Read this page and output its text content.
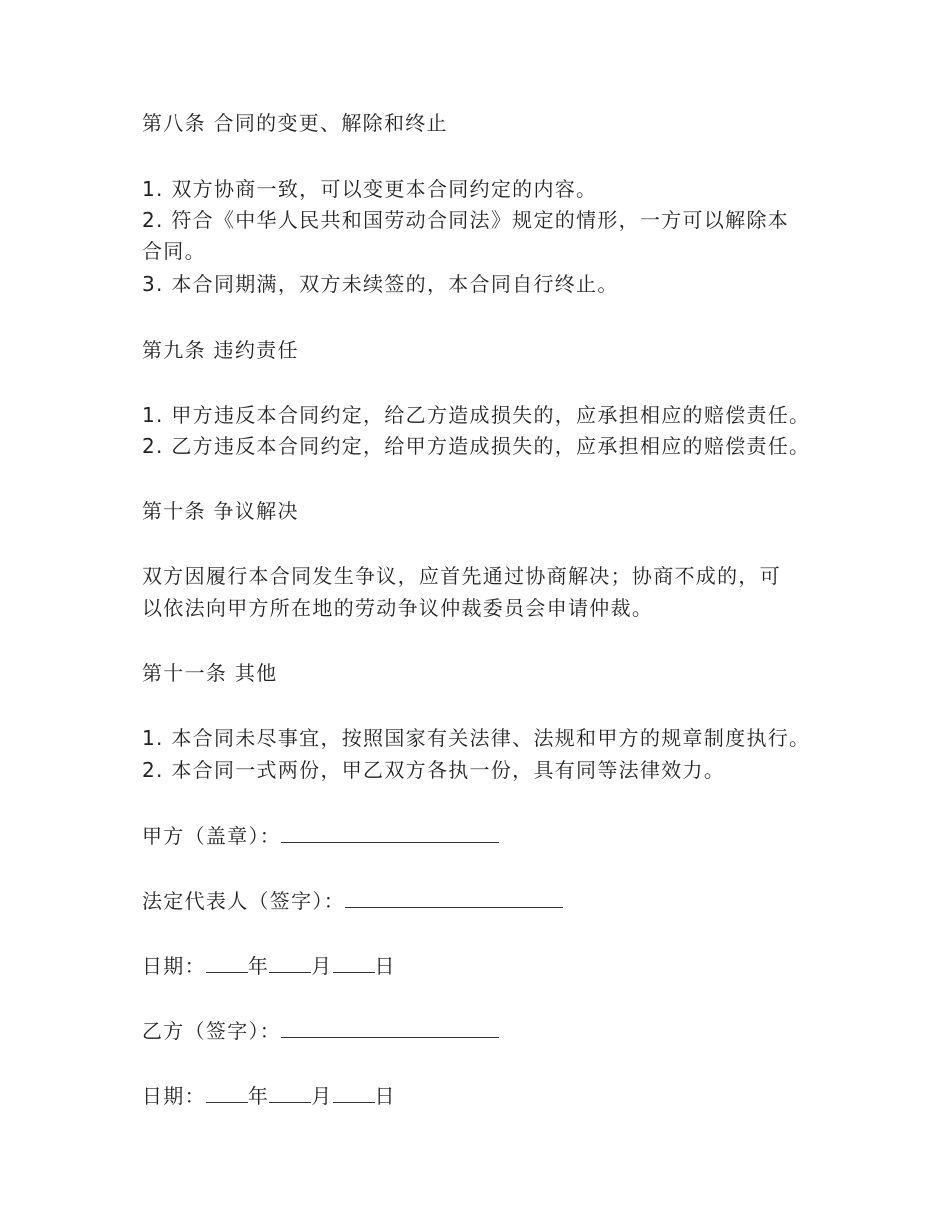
第八条 合同的变更、解除和终止
1. 双方协商一致，可以变更本合同约定的内容。
2. 符合《中华人民共和国劳动合同法》规定的情形，一方可以解除本
合同。
3. 本合同期满，双方未续签的，本合同自行终止。
第九条 违约责任
1. 甲方违反本合同约定，给乙方造成损失的，应承担相应的赔偿责任。
2. 乙方违反本合同约定，给甲方造成损失的，应承担相应的赔偿责任。
第十条 争议解决
双方因履行本合同发生争议，应首先通过协商解决；协商不成的，可
以依法向甲方所在地的劳动争议仲裁委员会申请仲裁。
第十一条 其他
1. 本合同未尽事宜，按照国家有关法律、法规和甲方的规章制度执行。
2. 本合同一式两份，甲乙双方各执一份，具有同等法律效力。
甲方（盖章）：
法定代表人（签字）：
日期： 年 月 日
乙方（签字）：
日期： 年 月 日
